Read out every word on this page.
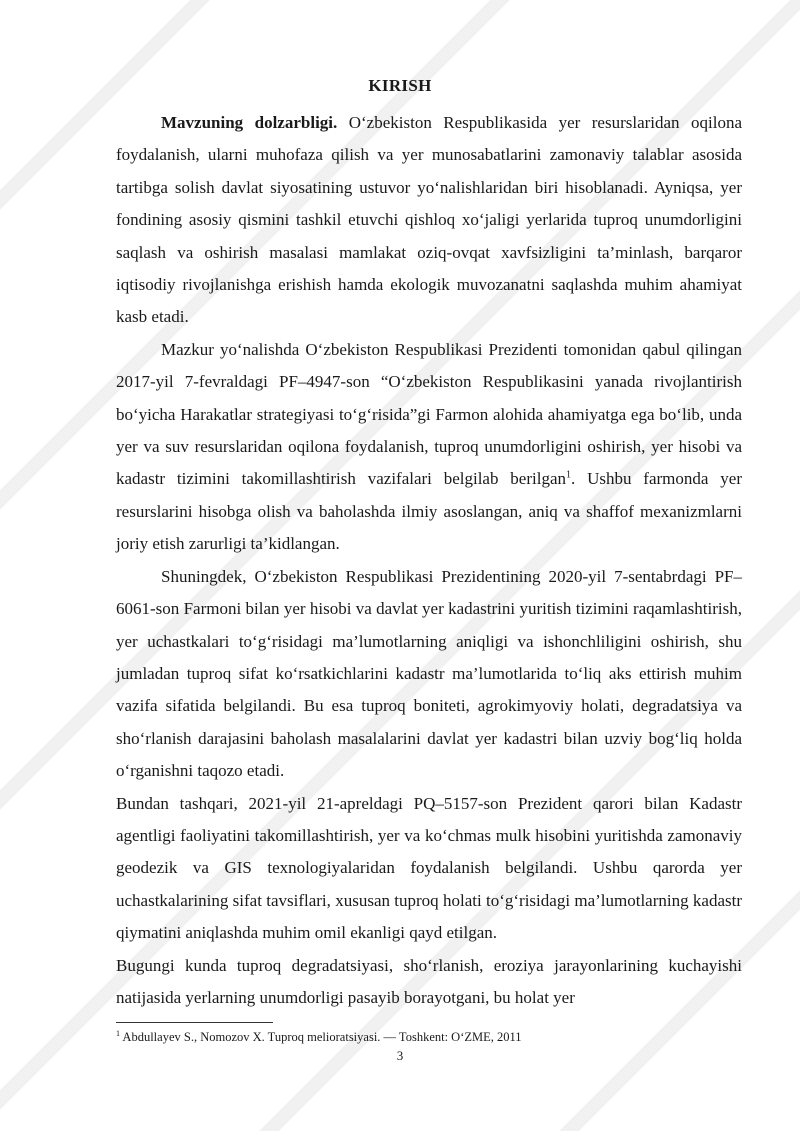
KIRISH

Mavzuning dolzarbligi. O‘zbekiston Respublikasida yer resurslaridan oqilona foydalanish, ularni muhofaza qilish va yer munosabatlarini zamonaviy talablar asosida tartibga solish davlat siyosatining ustuvor yo‘nalishlaridan biri hisoblanadi. Ayniqsa, yer fondining asosiy qismini tashkil etuvchi qishloq xo‘jaligi yerlarida tuproq unumdorligini saqlash va oshirish masalasi mamlakat oziq-ovqat xavfsizligini ta’minlash, barqaror iqtisodiy rivojlanishga erishish hamda ekologik muvozanatni saqlashda muhim ahamiyat kasb etadi.

Mazkur yo‘nalishda O‘zbekiston Respublikasi Prezidenti tomonidan qabul qilingan 2017-yil 7-fevraldagi PF–4947-son “O‘zbekiston Respublikasini yanada rivojlantirish bo‘yicha Harakatlar strategiyasi to‘g‘risida”gi Farmon alohida ahamiyatga ega bo‘lib, unda yer va suv resurslaridan oqilona foydalanish, tuproq unumdorligini oshirish, yer hisobi va kadastr tizimini takomillashtirish vazifalari belgilab berilgan$^1$. Ushbu farmonda yer resurslarini hisobga olish va baholashda ilmiy asoslangan, aniq va shaffof mexanizmlarni joriy etish zarurligi ta’kidlangan.

Shuningdek, O‘zbekiston Respublikasi Prezidentining 2020-yil 7-sentabrdagi PF–6061-son Farmoni bilan yer hisobi va davlat yer kadastrini yuritish tizimini raqamlashtirish, yer uchastkalari to‘g‘risidagi ma’lumotlarning aniqligi va ishonchliligini oshirish, shu jumladan tuproq sifat ko‘rsatkichlarini kadastr ma’lumotlarida to‘liq aks ettirish muhim vazifa sifatida belgilandi. Bu esa tuproq boniteti, agrokimyoviy holati, degradatsiya va sho‘rlanish darajasini baholash masalalarini davlat yer kadastri bilan uzviy bog‘liq holda o‘rganishni taqozo etadi.

Bundan tashqari, 2021-yil 21-apreldagi PQ–5157-son Prezident qarori bilan Kadastr agentligi faoliyatini takomillashtirish, yer va ko‘chmas mulk hisobini yuritishda zamonaviy geodezik va GIS texnologiyalaridan foydalanish belgilandi. Ushbu qarorda yer uchastkalarining sifat tavsiflari, xususan tuproq holati to‘g‘risidagi ma’lumotlarning kadastr qiymatini aniqlashda muhim omil ekanligi qayd etilgan.

Bugungi kunda tuproq degradatsiyasi, sho‘rlanish, eroziya jarayonlarining kuchayishi natijasida yerlarning unumdorligi pasayib borayotgani, bu holat yer

$^1$ Abdullayev S., Nomozov X. Tuproq melioratsiyasi. — Toshkent: O‘ZME, 2011
3
